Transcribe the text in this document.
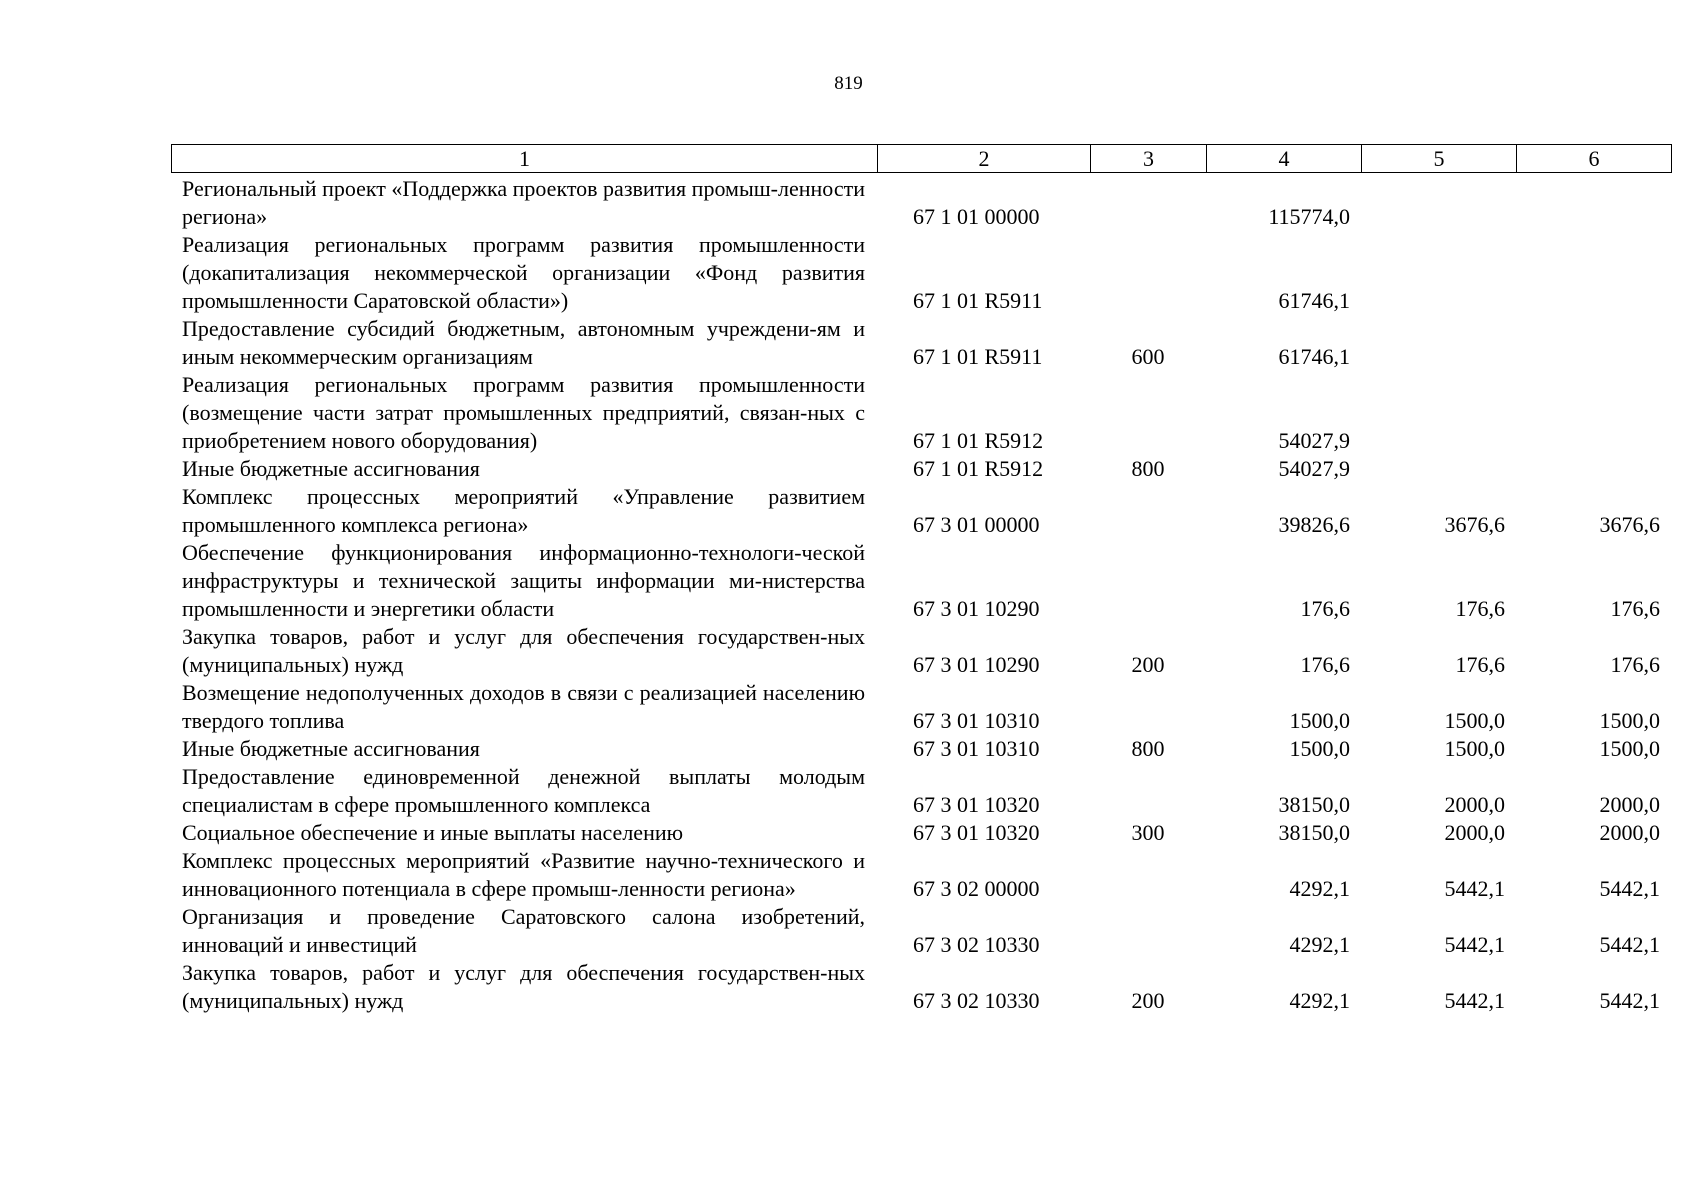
819
1	2	3	4	5	6
Региональный проект «Поддержка проектов развития промыш-ленности региона»	67 1 01 00000		115774,0		
Реализация региональных программ развития промышленности (докапитализация некоммерческой организации «Фонд развития промышленности Саратовской области»)	67 1 01 R5911		61746,1		
Предоставление субсидий бюджетным, автономным учреждени-ям и иным некоммерческим организациям	67 1 01 R5911	600	61746,1		
Реализация региональных программ развития промышленности (возмещение части затрат промышленных предприятий, связан-ных с приобретением нового оборудования)	67 1 01 R5912		54027,9		
Иные бюджетные ассигнования	67 1 01 R5912	800	54027,9		
Комплекс процессных мероприятий «Управление развитием промышленного комплекса региона»	67 3 01 00000		39826,6	3676,6	3676,6
Обеспечение функционирования информационно-технологи-ческой инфраструктуры и технической защиты информации ми-нистерства промышленности и энергетики области	67 3 01 10290		176,6	176,6	176,6
Закупка товаров, работ и услуг для обеспечения государствен-ных (муниципальных) нужд	67 3 01 10290	200	176,6	176,6	176,6
Возмещение недополученных доходов в связи с реализацией населению твердого топлива	67 3 01 10310		1500,0	1500,0	1500,0
Иные бюджетные ассигнования	67 3 01 10310	800	1500,0	1500,0	1500,0
Предоставление единовременной денежной выплаты молодым специалистам в сфере промышленного комплекса	67 3 01 10320		38150,0	2000,0	2000,0
Социальное обеспечение и иные выплаты населению	67 3 01 10320	300	38150,0	2000,0	2000,0
Комплекс процессных мероприятий «Развитие научно-технического и инновационного потенциала в сфере промыш-ленности региона»	67 3 02 00000		4292,1	5442,1	5442,1
Организация и проведение Саратовского салона изобретений, инноваций и инвестиций	67 3 02 10330		4292,1	5442,1	5442,1
Закупка товаров, работ и услуг для обеспечения государствен-ных (муниципальных) нужд	67 3 02 10330	200	4292,1	5442,1	5442,1
